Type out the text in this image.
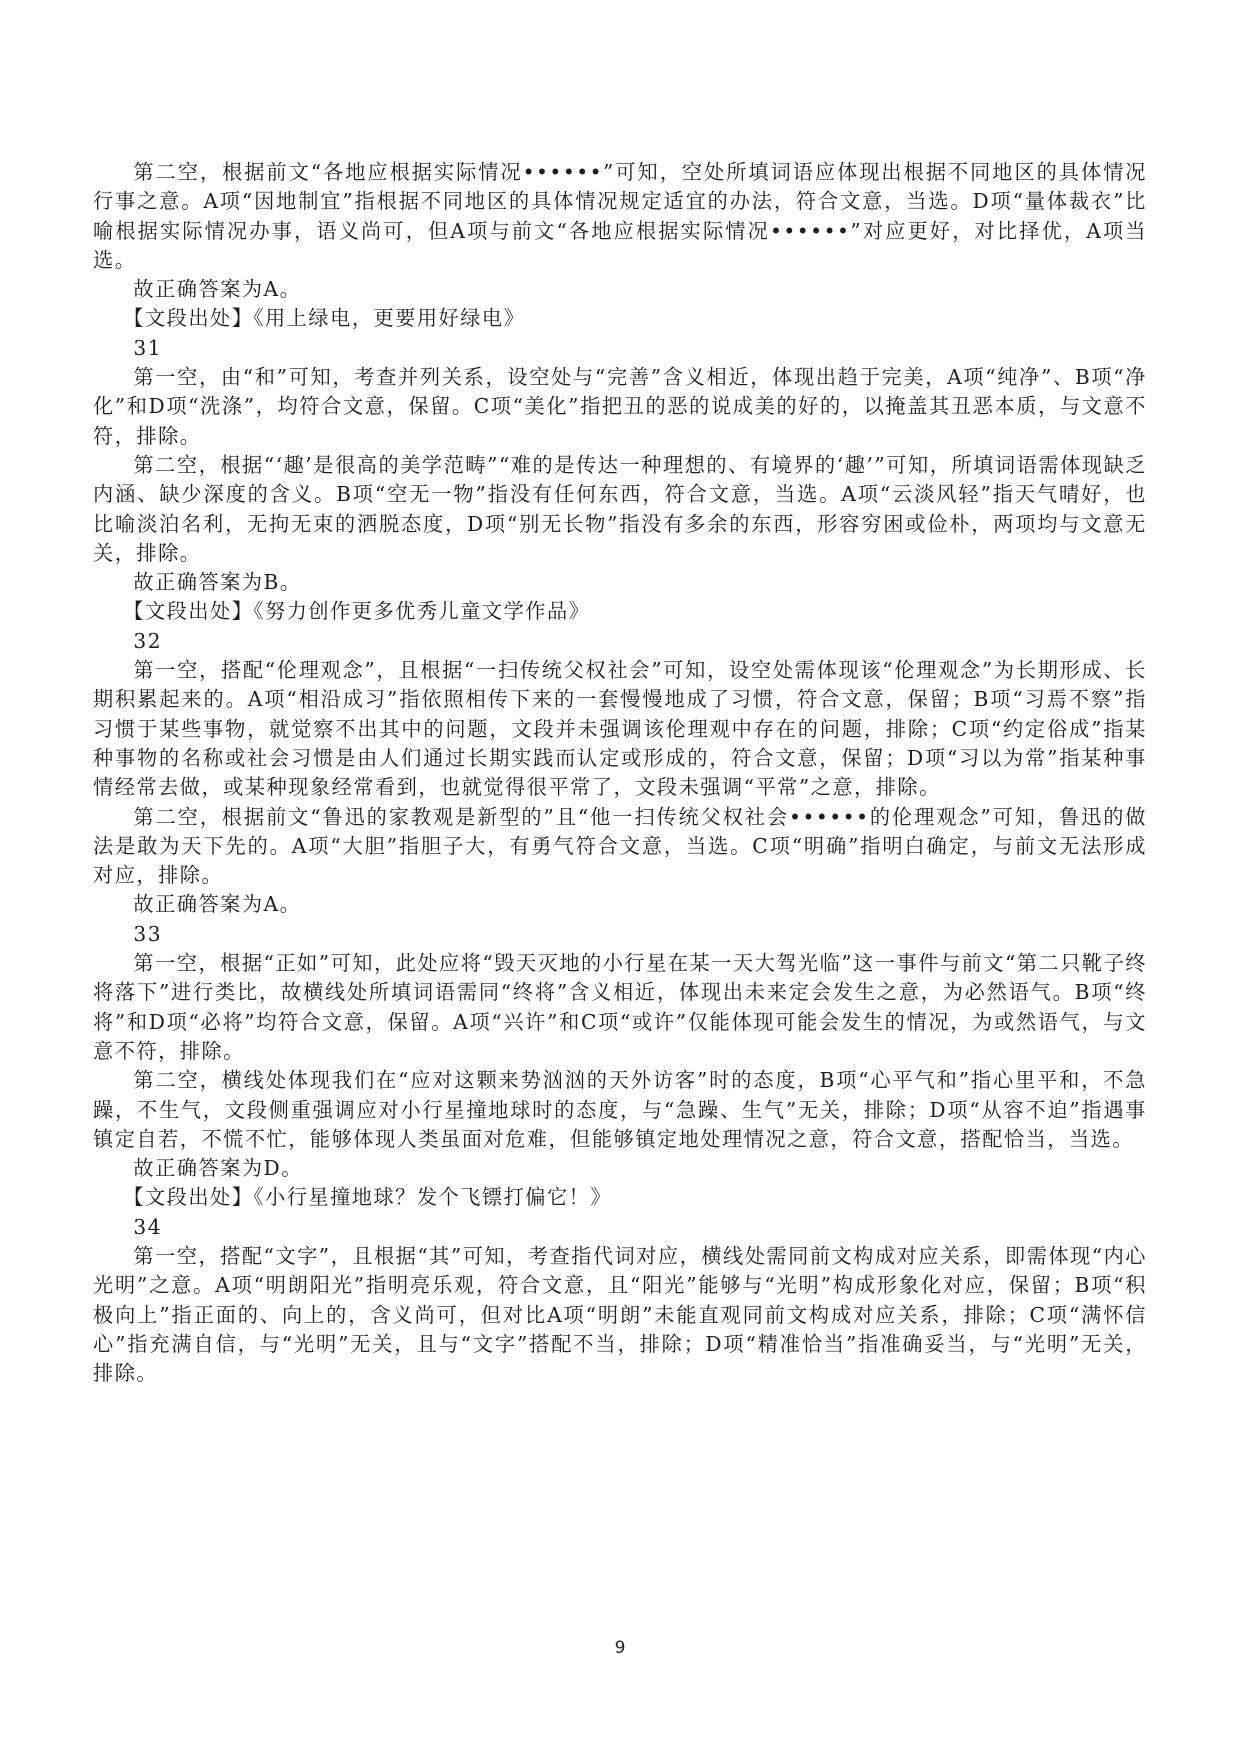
第二空，根据前文“各地应根据实际情况••••••”可知，空处所填词语应体现出根据不同地区的具体情况行事之意。A项“因地制宜”指根据不同地区的具体情况规定适宜的办法，符合文意，当选。D项“量体裁衣”比喻根据实际情况办事，语义尚可，但A项与前文“各地应根据实际情况••••••”对应更好，对比择优，A项当选。

故正确答案为A。

【文段出处】《用上绿电，更要用好绿电》

31

第一空，由“和”可知，考查并列关系，设空处与“完善”含义相近，体现出趋于完美，A项“纯净”、B项“净化”和D项“洗涤”，均符合文意，保留。C项“美化”指把丑的恶的说成美的好的，以掩盖其丑恶本质，与文意不符，排除。

第二空，根据“‘趣’是很高的美学范畴”“难的是传达一种理想的、有境界的‘趣’”可知，所填词语需体现缺乏内涵、缺少深度的含义。B项“空无一物”指没有任何东西，符合文意，当选。A项“云淡风轻”指天气晴好，也比喻淡泊名利，无拘无束的洒脱态度，D项“别无长物”指没有多余的东西，形容穷困或俭朴，两项均与文意无关，排除。

故正确答案为B。

【文段出处】《努力创作更多优秀儿童文学作品》

32

第一空，搭配“伦理观念”，且根据“一扫传统父权社会”可知，设空处需体现该“伦理观念”为长期形成、长期积累起来的。A项“相沿成习”指依照相传下来的一套慢慢地成了习惯，符合文意，保留；B项“习焉不察”指习惯于某些事物，就觉察不出其中的问题，文段并未强调该伦理观中存在的问题，排除；C项“约定俗成”指某种事物的名称或社会习惯是由人们通过长期实践而认定或形成的，符合文意，保留；D项“习以为常”指某种事情经常去做，或某种现象经常看到，也就觉得很平常了，文段未强调“平常”之意，排除。

第二空，根据前文“鲁迅的家教观是新型的”且“他一扫传统父权社会••••••的伦理观念”可知，鲁迅的做法是敢为天下先的。A项“大胆”指胆子大，有勇气符合文意，当选。C项“明确”指明白确定，与前文无法形成对应，排除。

故正确答案为A。

33

第一空，根据“正如”可知，此处应将“毁天灭地的小行星在某一天大驾光临”这一事件与前文“第二只靴子终将落下”进行类比，故横线处所填词语需同“终将”含义相近，体现出未来定会发生之意，为必然语气。B项“终将”和D项“必将”均符合文意，保留。A项“兴许”和C项“或许”仅能体现可能会发生的情况，为或然语气，与文意不符，排除。

第二空，横线处体现我们在“应对这颗来势汹汹的天外访客”时的态度，B项“心平气和”指心里平和，不急躁，不生气，文段侧重强调应对小行星撞地球时的态度，与“急躁、生气”无关，排除；D项“从容不迫”指遇事镇定自若，不慌不忙，能够体现人类虽面对危难，但能够镇定地处理情况之意，符合文意，搭配恰当，当选。

故正确答案为D。

【文段出处】《小行星撞地球？发个飞镖打偏它！》

34

第一空，搭配“文字”，且根据“其”可知，考查指代词对应，横线处需同前文构成对应关系，即需体现“内心光明”之意。A项“明朗阳光”指明亮乐观，符合文意，且“阳光”能够与“光明”构成形象化对应，保留；B项“积极向上”指正面的、向上的，含义尚可，但对比A项“明朗”未能直观同前文构成对应关系，排除；C项“满怀信心”指充满自信，与“光明”无关，且与“文字”搭配不当，排除；D项“精准恰当”指准确妥当，与“光明”无关，排除。

9
